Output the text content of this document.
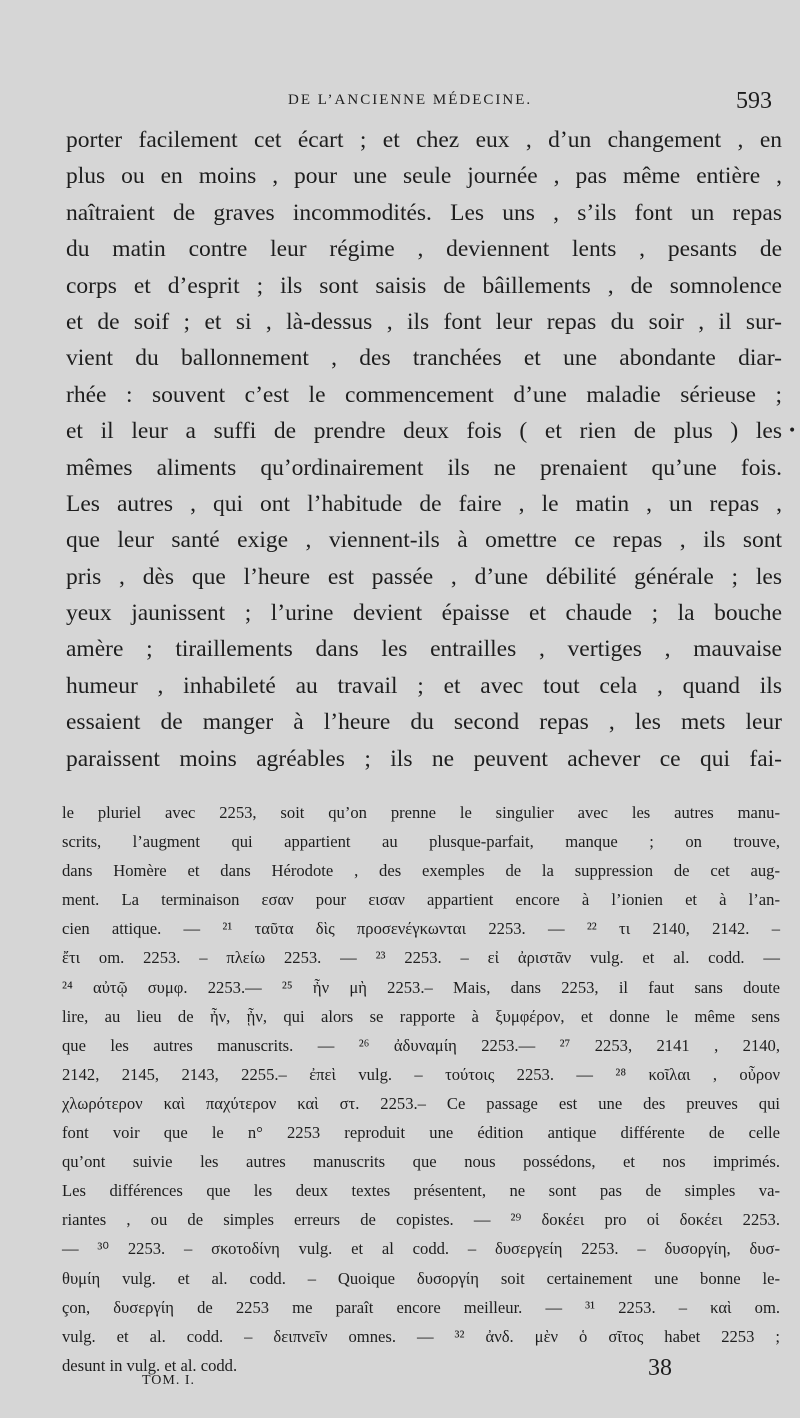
DE L’ANCIENNE MÉDECINE.	593
porter facilement cet écart ; et chez eux , d’un changement , en
plus ou en moins , pour une seule journée , pas même entière ,
naîtraient de graves incommodités. Les uns , s’ils font un repas
du matin contre leur régime , deviennent lents , pesants de
corps et d’esprit ; ils sont saisis de bâillements , de somnolence
et de soif ; et si , là-dessus , ils font leur repas du soir , il sur-
vient du ballonnement , des tranchées et une abondante diar-
rhée : souvent c’est le commencement d’une maladie sérieuse ;
et il leur a suffi de prendre deux fois ( et rien de plus ) les
mêmes aliments qu’ordinairement ils ne prenaient qu’une fois.
Les autres , qui ont l’habitude de faire , le matin , un repas ,
que leur santé exige , viennent-ils à omettre ce repas , ils sont
pris , dès que l’heure est passée , d’une débilité générale ; les
yeux jaunissent ; l’urine devient épaisse et chaude ; la bouche
amère ; tiraillements dans les entrailles , vertiges , mauvaise
humeur , inhabileté au travail ; et avec tout cela , quand ils
essaient de manger à l’heure du second repas , les mets leur
paraissent moins agréables ; ils ne peuvent achever ce qui fai-
•
le pluriel avec 2253, soit qu’on prenne le singulier avec les autres manu-
scrits, l’augment qui appartient au plusque-parfait, manque ; on trouve,
dans Homère et dans Hérodote , des exemples de la suppression de cet aug-
ment. La terminaison εσαν pour εισαν appartient encore à l’ionien et à l’an-
cien attique. — ²¹ ταῦτα δὶς προσενέγκωνται 2253. — ²² τι 2140, 2142. –
ἔτι om. 2253. – πλείω 2253. — ²³ 2253. – εἰ ἀριστᾶν vulg. et al. codd. —
²⁴ αὐτῷ συμφ. 2253.— ²⁵ ἦν μὴ 2253.– Mais, dans 2253, il faut sans doute
lire, au lieu de ἦν, ᾖν, qui alors se rapporte à ξυμφέρον, et donne le même sens
que les autres manuscrits. — ²⁶ ἀδυναμίη 2253.— ²⁷ 2253, 2141 , 2140,
2142, 2145, 2143, 2255.– ἐπεὶ vulg. – τούτοις 2253. — ²⁸ κοῖλαι , οὖρον
χλωρότερον καὶ παχύτερον καὶ στ. 2253.– Ce passage est une des preuves qui
font voir que le n° 2253 reproduit une édition antique différente de celle
qu’ont suivie les autres manuscrits que nous possédons, et nos imprimés.
Les différences que les deux textes présentent, ne sont pas de simples va-
riantes , ou de simples erreurs de copistes. — ²⁹ δοκέει pro οἱ δοκέει 2253.
— ³⁰ 2253. – σκοτοδίνη vulg. et al codd. – δυσεργείη 2253. – δυσοργίη, δυσ-
θυμίη vulg. et al. codd. – Quoique δυσοργίη soit certainement une bonne le-
çon, δυσεργίη de 2253 me paraît encore meilleur. — ³¹ 2253. – καὶ om.
vulg. et al. codd. – δειπνεῖν omnes. — ³² ἀνδ. μὲν ὁ σῖτος habet 2253 ;
desunt in vulg. et al. codd.
TOM. I.	38
